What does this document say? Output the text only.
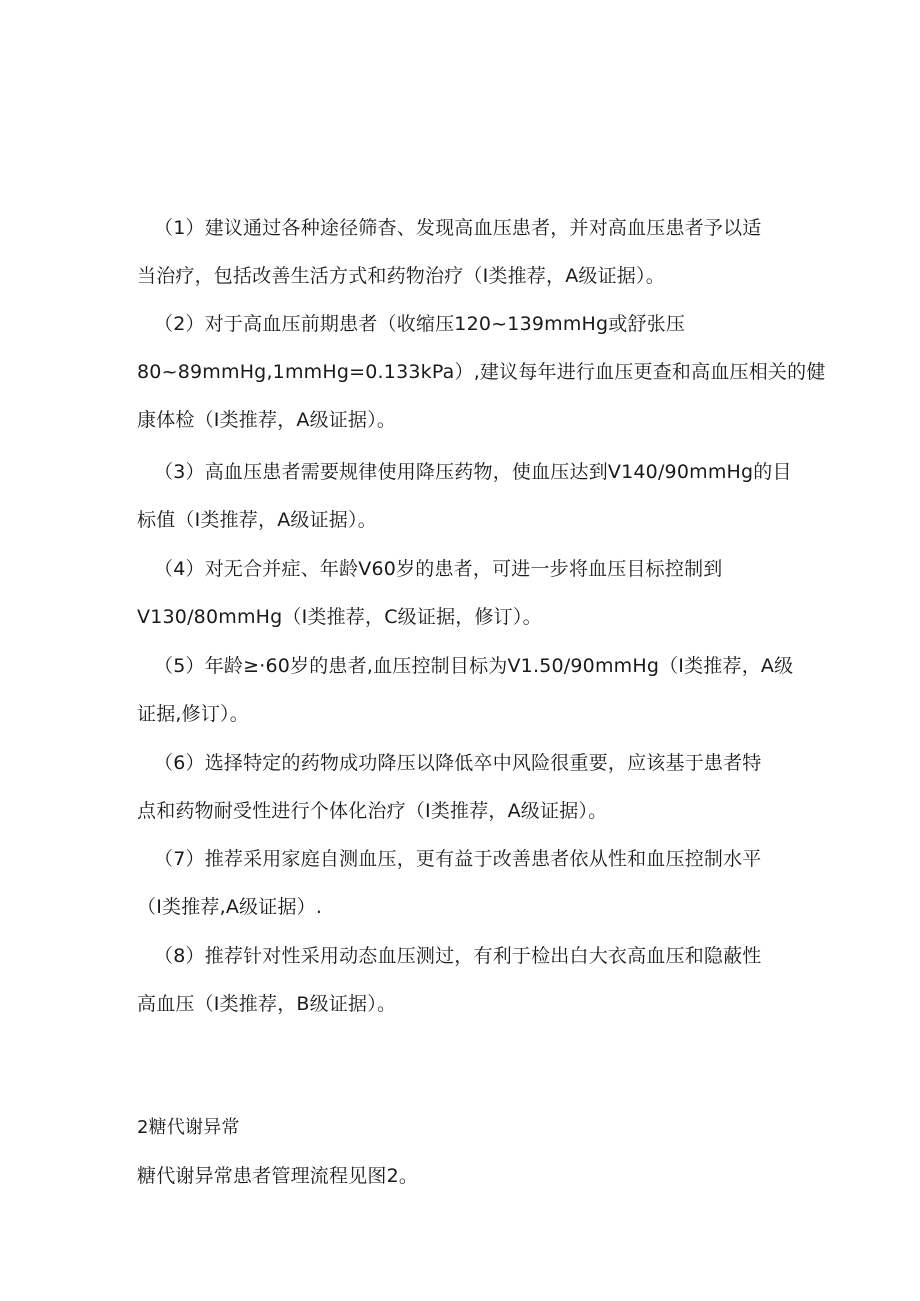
（1）建议通过各种途径筛杳、发现高血压患者，并对高血压患者予以适
当治疗，包括改善生活方式和药物治疗（I类推荐，A级证据）。
（2）对于高血压前期患者（收缩压120~139mmHg或舒张压
80~89mmHg,1mmHg=0.133kPa）,建议每年进行血压更查和高血压相关的健
康体检（I类推荐，A级证据）。
（3）高血压患者需要规律使用降压药物，使血压达到V140/90mmHg的目
标值（I类推荐，A级证据）。
（4）对无合并症、年龄V60岁的患者，可进一步将血压目标控制到
V130/80mmHg（I类推荐，C级证据，修订）。
（5）年龄≥·60岁的患者,血压控制目标为V1.50/90mmHg（I类推荐，A级
证据,修订）。
（6）选择特定的药物成功降压以降低卒中风险很重要，应该基于患者特
点和药物耐受性进行个体化治疗（I类推荐，A级证据）。
（7）推荐采用家庭自测血压，更有益于改善患者依从性和血压控制水平
（I类推荐,A级证据）.
（8）推荐针对性采用动态血压测过，有利于检出白大衣高血压和隐蔽性
高血压（I类推荐，B级证据）。
2糖代谢异常
糖代谢异常患者管理流程见图2。
